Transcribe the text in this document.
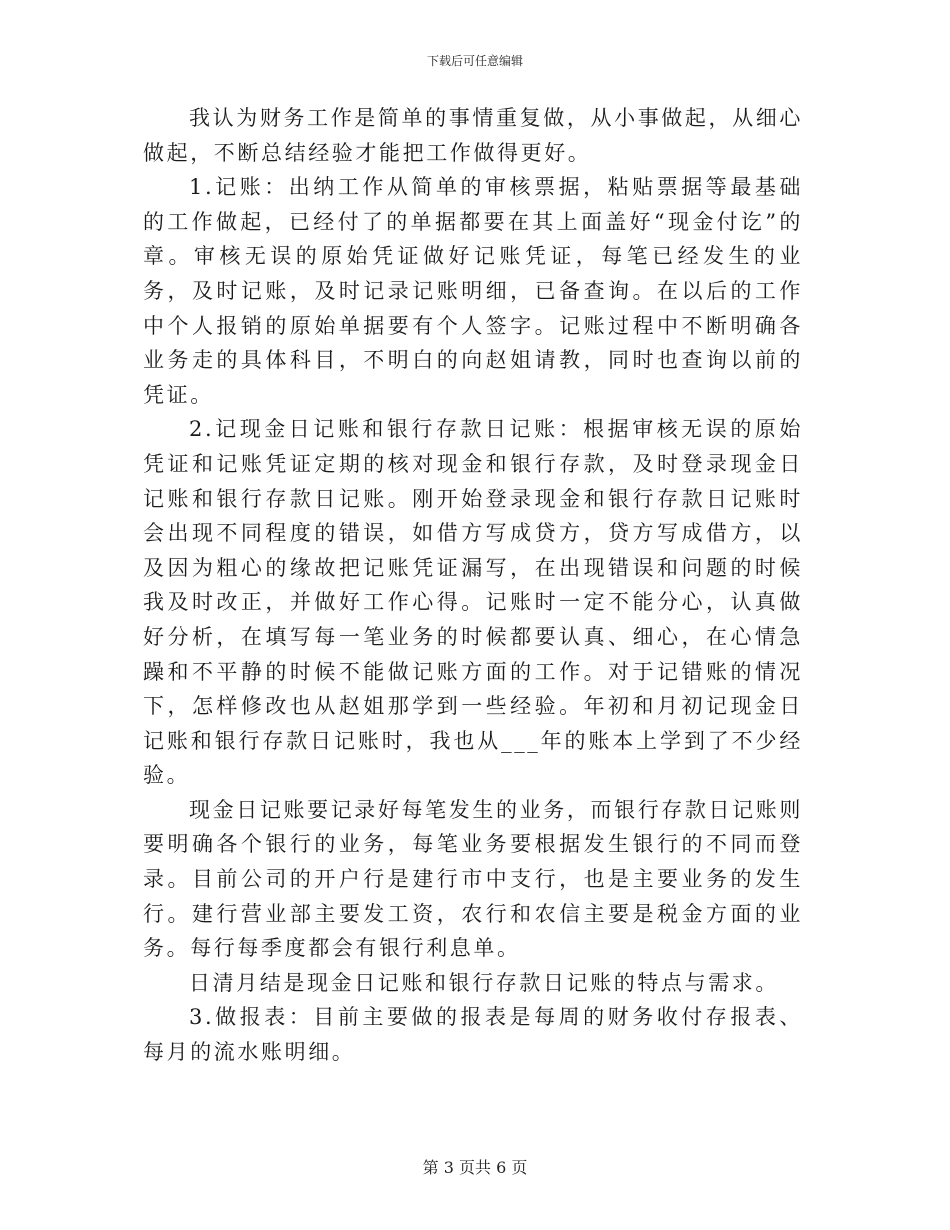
下载后可任意编辑

我认为财务工作是简单的事情重复做，从小事做起，从细心做起，不断总结经验才能把工作做得更好。

1.记账：出纳工作从简单的审核票据，粘贴票据等最基础的工作做起，已经付了的单据都要在其上面盖好“现金付讫”的章。审核无误的原始凭证做好记账凭证，每笔已经发生的业务，及时记账，及时记录记账明细，已备查询。在以后的工作中个人报销的原始单据要有个人签字。记账过程中不断明确各业务走的具体科目，不明白的向赵姐请教，同时也查询以前的凭证。

2.记现金日记账和银行存款日记账：根据审核无误的原始凭证和记账凭证定期的核对现金和银行存款，及时登录现金日记账和银行存款日记账。刚开始登录现金和银行存款日记账时会出现不同程度的错误，如借方写成贷方，贷方写成借方，以及因为粗心的缘故把记账凭证漏写，在出现错误和问题的时候我及时改正，并做好工作心得。记账时一定不能分心，认真做好分析，在填写每一笔业务的时候都要认真、细心，在心情急躁和不平静的时候不能做记账方面的工作。对于记错账的情况下，怎样修改也从赵姐那学到一些经验。年初和月初记现金日记账和银行存款日记账时，我也从___年的账本上学到了不少经验。

现金日记账要记录好每笔发生的业务，而银行存款日记账则要明确各个银行的业务，每笔业务要根据发生银行的不同而登录。目前公司的开户行是建行市中支行，也是主要业务的发生行。建行营业部主要发工资，农行和农信主要是税金方面的业务。每行每季度都会有银行利息单。

日清月结是现金日记账和银行存款日记账的特点与需求。

3.做报表：目前主要做的报表是每周的财务收付存报表、每月的流水账明细。

第 3 页共 6 页
